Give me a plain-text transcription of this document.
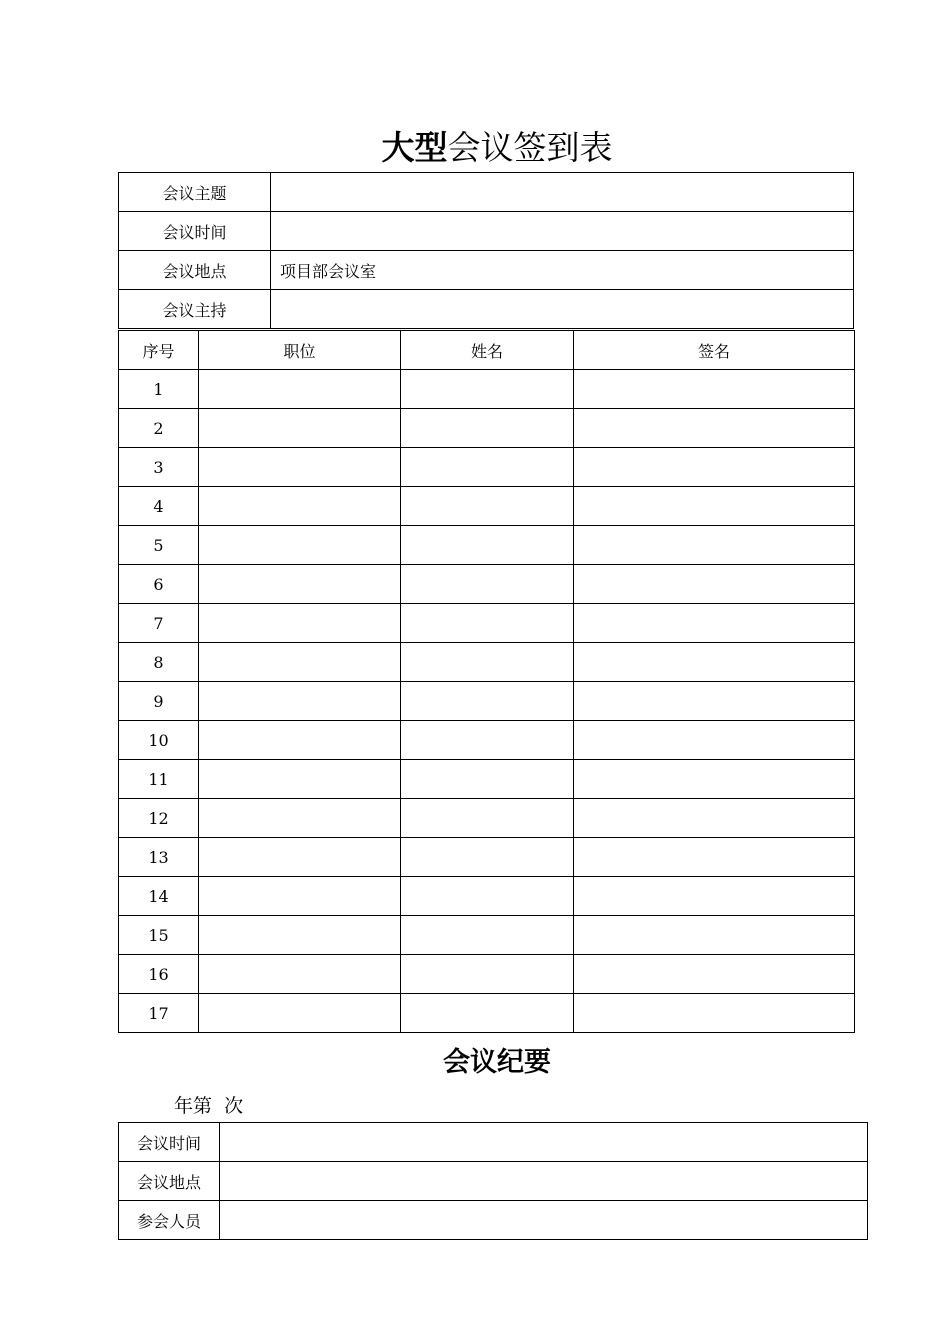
大型会议签到表
会议主题	
会议时间	
会议地点	项目部会议室
会议主持	
序号	职位	姓名	签名
1			
2			
3			
4			
5			
6			
7			
8			
9			
10			
11			
12			
13			
14			
15			
16			
17			
会议纪要
年第  次
会议时间	
会议地点	
参会人员	
